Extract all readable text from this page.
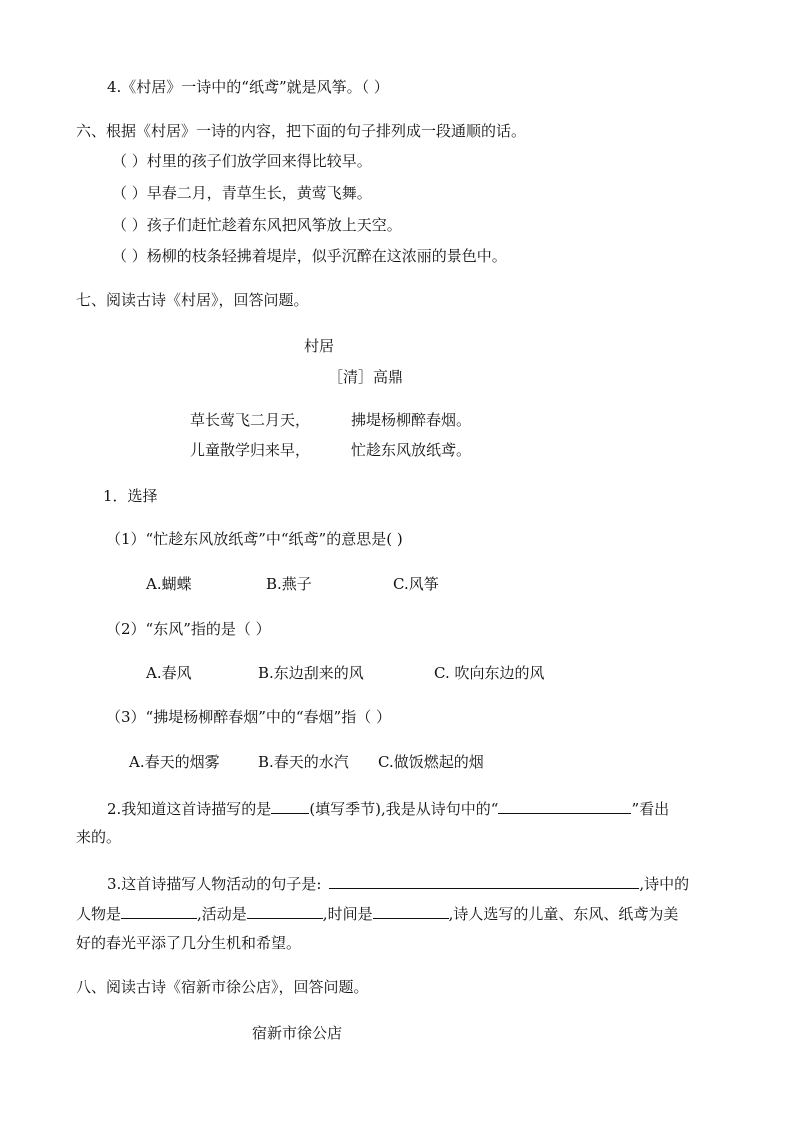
4.《村居》一诗中的“纸鸢”就是风筝。（ ）
六、根据《村居》一诗的内容，把下面的句子排列成一段通顺的话。
（ ）村里的孩子们放学回来得比较早。
（ ）早春二月，青草生长，黄莺飞舞。
（ ）孩子们赶忙趁着东风把风筝放上天空。
（ ）杨柳的枝条轻拂着堤岸，似乎沉醉在这浓丽的景色中。
七、阅读古诗《村居》，回答问题。
村居
［清］高鼎
草长莺飞二月天，	拂堤杨柳醉春烟。
儿童散学归来早，	忙趁东风放纸鸢。
1．选择
（1）“忙趁东风放纸鸢”中“纸鸢”的意思是( )
A.蝴蝶	B.燕子	C.风筝
（2）“东风”指的是（ ）
A.春风	B.东边刮来的风	C. 吹向东边的风
（3）“拂堤杨柳醉春烟”中的“春烟”指（ ）
A.春天的烟雾	B.春天的水汽 C.做饭燃起的烟
2.我知道这首诗描写的是	(填写季节),我是从诗句中的“	”看出
来的。
3.这首诗描写人物活动的句子是:	,诗中的
人物是	,活动是	,时间是	,诗人选写的儿童、东风、纸鸢为美
好的春光平添了几分生机和希望。
八、阅读古诗《宿新市徐公店》，回答问题。
宿新市徐公店
